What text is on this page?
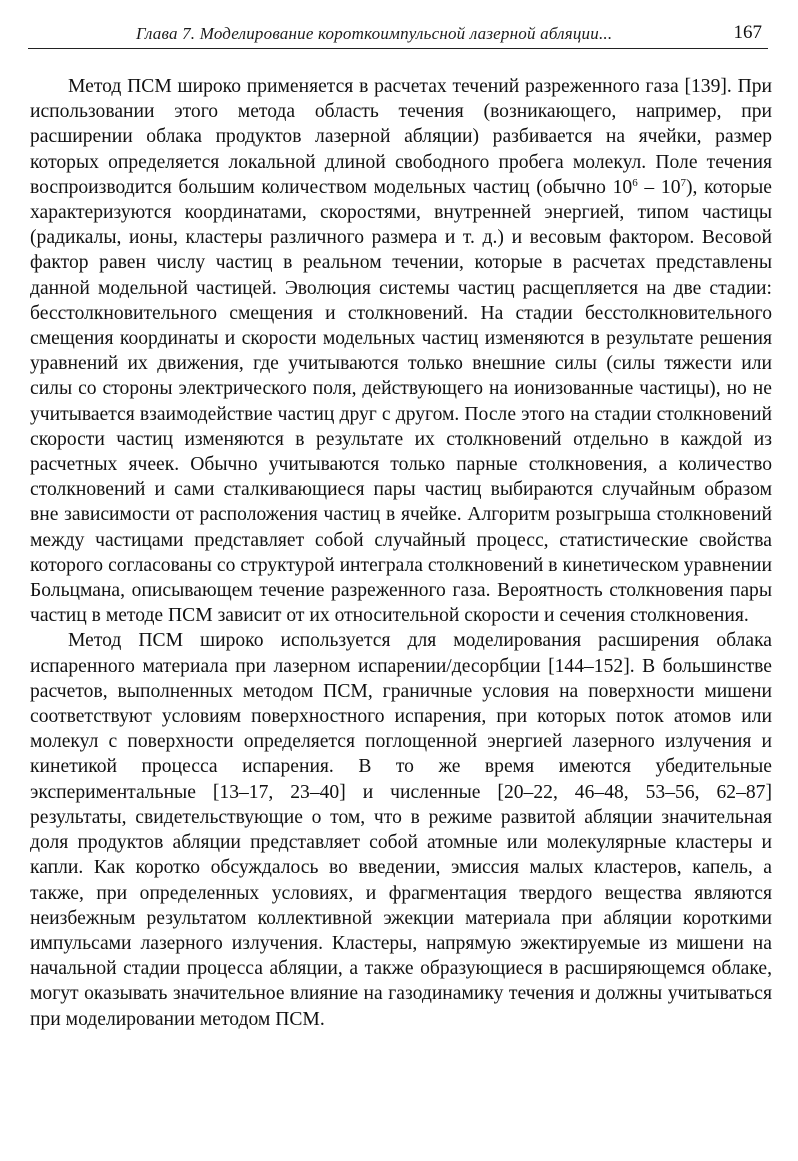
Глава 7. Моделирование короткоимпульсной лазерной абляции...	167

Метод ПСМ широко применяется в расчетах течений разреженного газа [139]. При использовании этого метода область течения (возникающего, например, при расширении облака продуктов лазерной абляции) разбивается на ячейки, размер которых определяется локальной длиной свободного пробега молекул. Поле течения воспроизводится большим количеством модельных частиц (обычно $10^6 - 10^7$), которые характеризуются координатами, скоростями, внутренней энергией, типом частицы (радикалы, ионы, кластеры различного размера и т. д.) и весовым фактором. Весовой фактор равен числу частиц в реальном течении, которые в расчетах представлены данной модельной частицей. Эволюция системы частиц расщепляется на две стадии: бесстолкновительного смещения и столкновений. На стадии бесстолкновительного смещения координаты и скорости модельных частиц изменяются в результате решения уравнений их движения, где учитываются только внешние силы (силы тяжести или силы со стороны электрического поля, действующего на ионизованные частицы), но не учитывается взаимодействие частиц друг с другом. После этого на стадии столкновений скорости частиц изменяются в результате их столкновений отдельно в каждой из расчетных ячеек. Обычно учитываются только парные столкновения, а количество столкновений и сами сталкивающиеся пары частиц выбираются случайным образом вне зависимости от расположения частиц в ячейке. Алгоритм розыгрыша столкновений между частицами представляет собой случайный процесс, статистические свойства которого согласованы со структурой интеграла столкновений в кинетическом уравнении Больцмана, описывающем течение разреженного газа. Вероятность столкновения пары частиц в методе ПСМ зависит от их относительной скорости и сечения столкновения.

Метод ПСМ широко используется для моделирования расширения облака испаренного материала при лазерном испарении/десорбции [144–152]. В большинстве расчетов, выполненных методом ПСМ, граничные условия на поверхности мишени соответствуют условиям поверхностного испарения, при которых поток атомов или молекул с поверхности определяется поглощенной энергией лазерного излучения и кинетикой процесса испарения. В то же время имеются убедительные экспериментальные [13–17, 23–40] и численные [20–22, 46–48, 53–56, 62–87] результаты, свидетельствующие о том, что в режиме развитой абляции значительная доля продуктов абляции представляет собой атомные или молекулярные кластеры и капли. Как коротко обсуждалось во введении, эмиссия малых кластеров, капель, а также, при определенных условиях, и фрагментация твердого вещества являются неизбежным результатом коллективной эжекции материала при абляции короткими импульсами лазерного излучения. Кластеры, напрямую эжектируемые из мишени на начальной стадии процесса абляции, а также образующиеся в расширяющемся облаке, могут оказывать значительное влияние на газодинамику течения и должны учитываться при моделировании методом ПСМ.
